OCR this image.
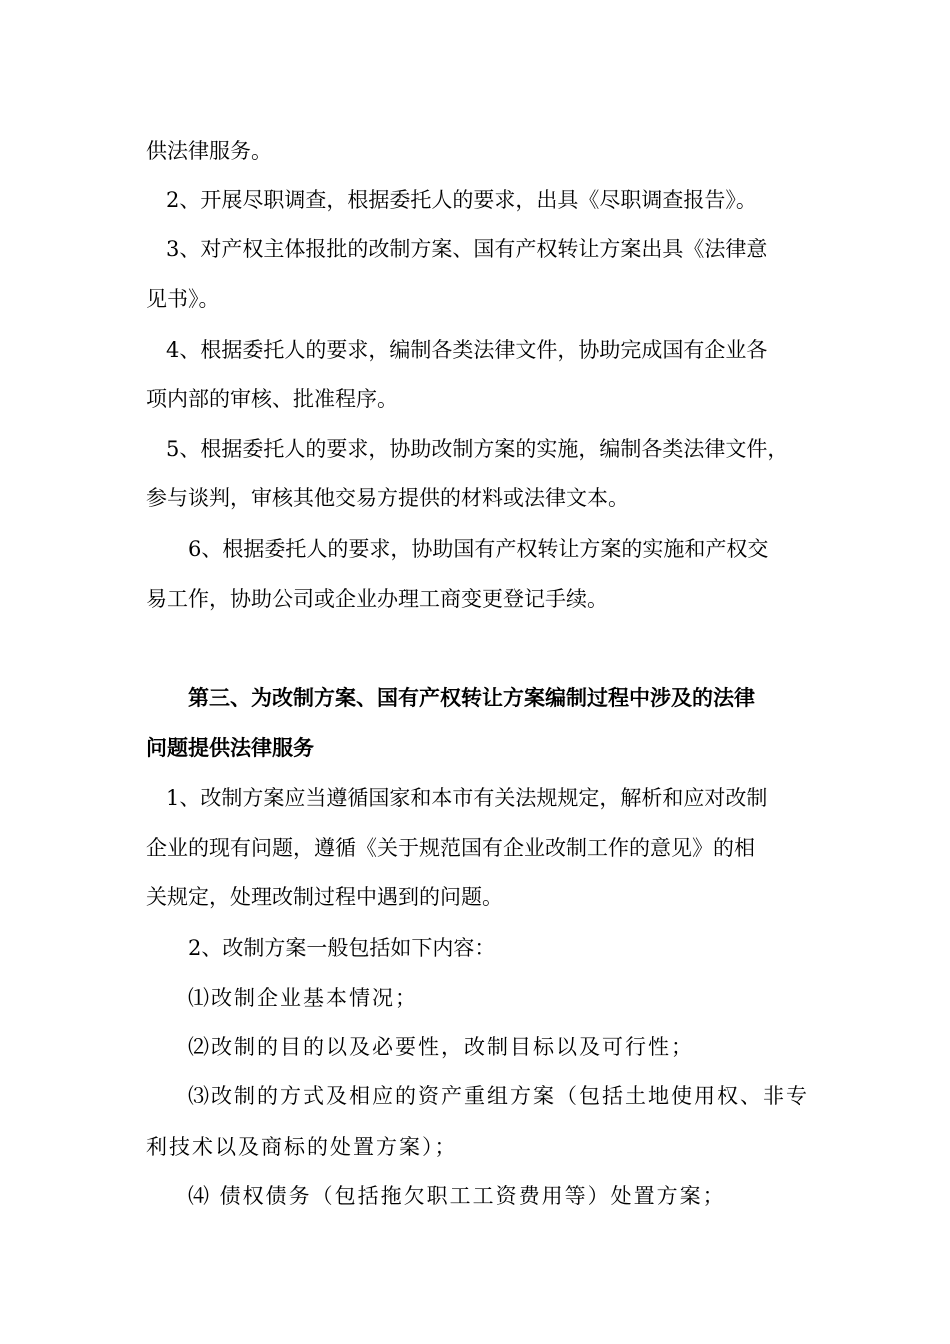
供法律服务。
2、开展尽职调查，根据委托人的要求，出具《尽职调查报告》。
3、对产权主体报批的改制方案、国有产权转让方案出具《法律意
见书》。
4、根据委托人的要求，编制各类法律文件，协助完成国有企业各
项内部的审核、批准程序。
5、根据委托人的要求，协助改制方案的实施，编制各类法律文件，
参与谈判，审核其他交易方提供的材料或法律文本。
6、根据委托人的要求，协助国有产权转让方案的实施和产权交
易工作，协助公司或企业办理工商变更登记手续。
第三、为改制方案、国有产权转让方案编制过程中涉及的法律
问题提供法律服务
1、改制方案应当遵循国家和本市有关法规规定，解析和应对改制
企业的现有问题，遵循《关于规范国有企业改制工作的意见》的相
关规定，处理改制过程中遇到的问题。
2、改制方案一般包括如下内容：
⑴改制企业基本情况；
⑵改制的目的以及必要性，改制目标以及可行性；
⑶改制的方式及相应的资产重组方案（包括土地使用权、非专
利技术以及商标的处置方案）；
⑷ 债权债务（包括拖欠职工工资费用等）处置方案；
